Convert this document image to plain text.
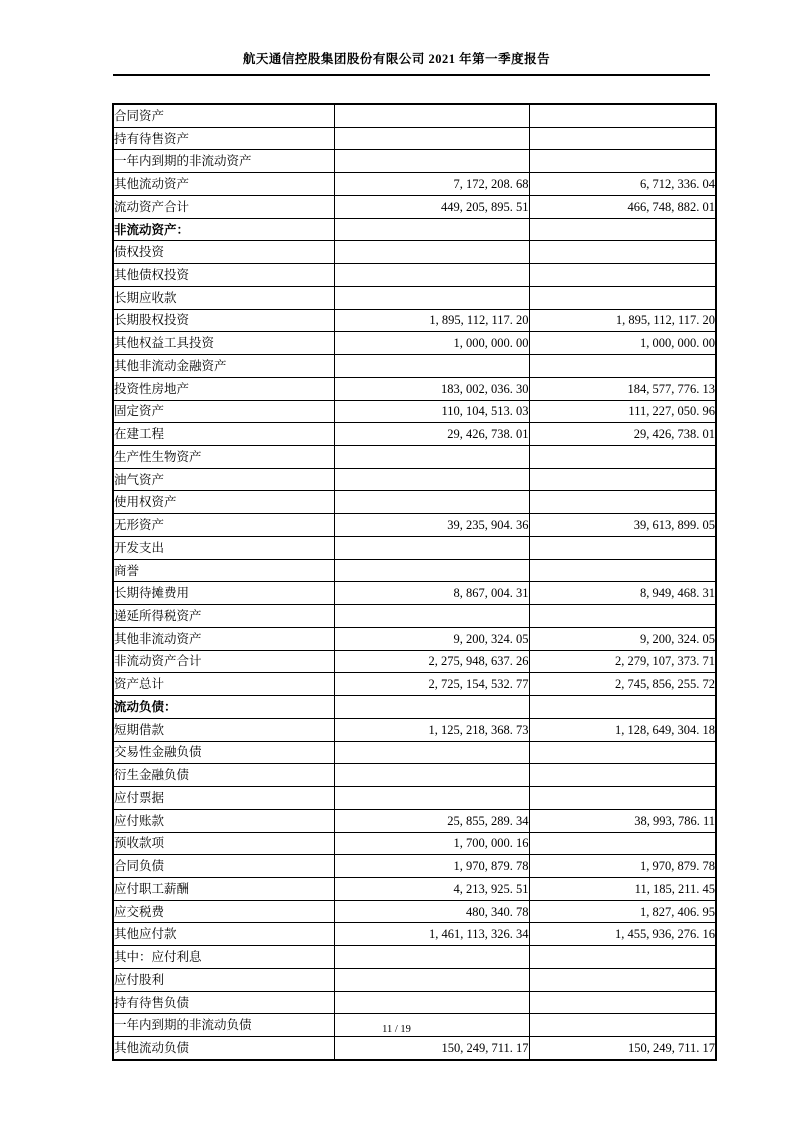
航天通信控股集团股份有限公司 2021 年第一季度报告
合同资产		
持有待售资产		
一年内到期的非流动资产		
其他流动资产	7, 172, 208. 68	6, 712, 336. 04
流动资产合计	449, 205, 895. 51	466, 748, 882. 01
非流动资产：		
债权投资		
其他债权投资		
长期应收款		
长期股权投资	1, 895, 112, 117. 20	1, 895, 112, 117. 20
其他权益工具投资	1, 000, 000. 00	1, 000, 000. 00
其他非流动金融资产		
投资性房地产	183, 002, 036. 30	184, 577, 776. 13
固定资产	110, 104, 513. 03	111, 227, 050. 96
在建工程	29, 426, 738. 01	29, 426, 738. 01
生产性生物资产		
油气资产		
使用权资产		
无形资产	39, 235, 904. 36	39, 613, 899. 05
开发支出		
商誉		
长期待摊费用	8, 867, 004. 31	8, 949, 468. 31
递延所得税资产		
其他非流动资产	9, 200, 324. 05	9, 200, 324. 05
非流动资产合计	2, 275, 948, 637. 26	2, 279, 107, 373. 71
资产总计	2, 725, 154, 532. 77	2, 745, 856, 255. 72
流动负债：		
短期借款	1, 125, 218, 368. 73	1, 128, 649, 304. 18
交易性金融负债		
衍生金融负债		
应付票据		
应付账款	25, 855, 289. 34	38, 993, 786. 11
预收款项	1, 700, 000. 16	
合同负债	1, 970, 879. 78	1, 970, 879. 78
应付职工薪酬	4, 213, 925. 51	11, 185, 211. 45
应交税费	480, 340. 78	1, 827, 406. 95
其他应付款	1, 461, 113, 326. 34	1, 455, 936, 276. 16
其中：应付利息		
应付股利		
持有待售负债		
一年内到期的非流动负债		
其他流动负债	150, 249, 711. 17	150, 249, 711. 17
11 / 19
